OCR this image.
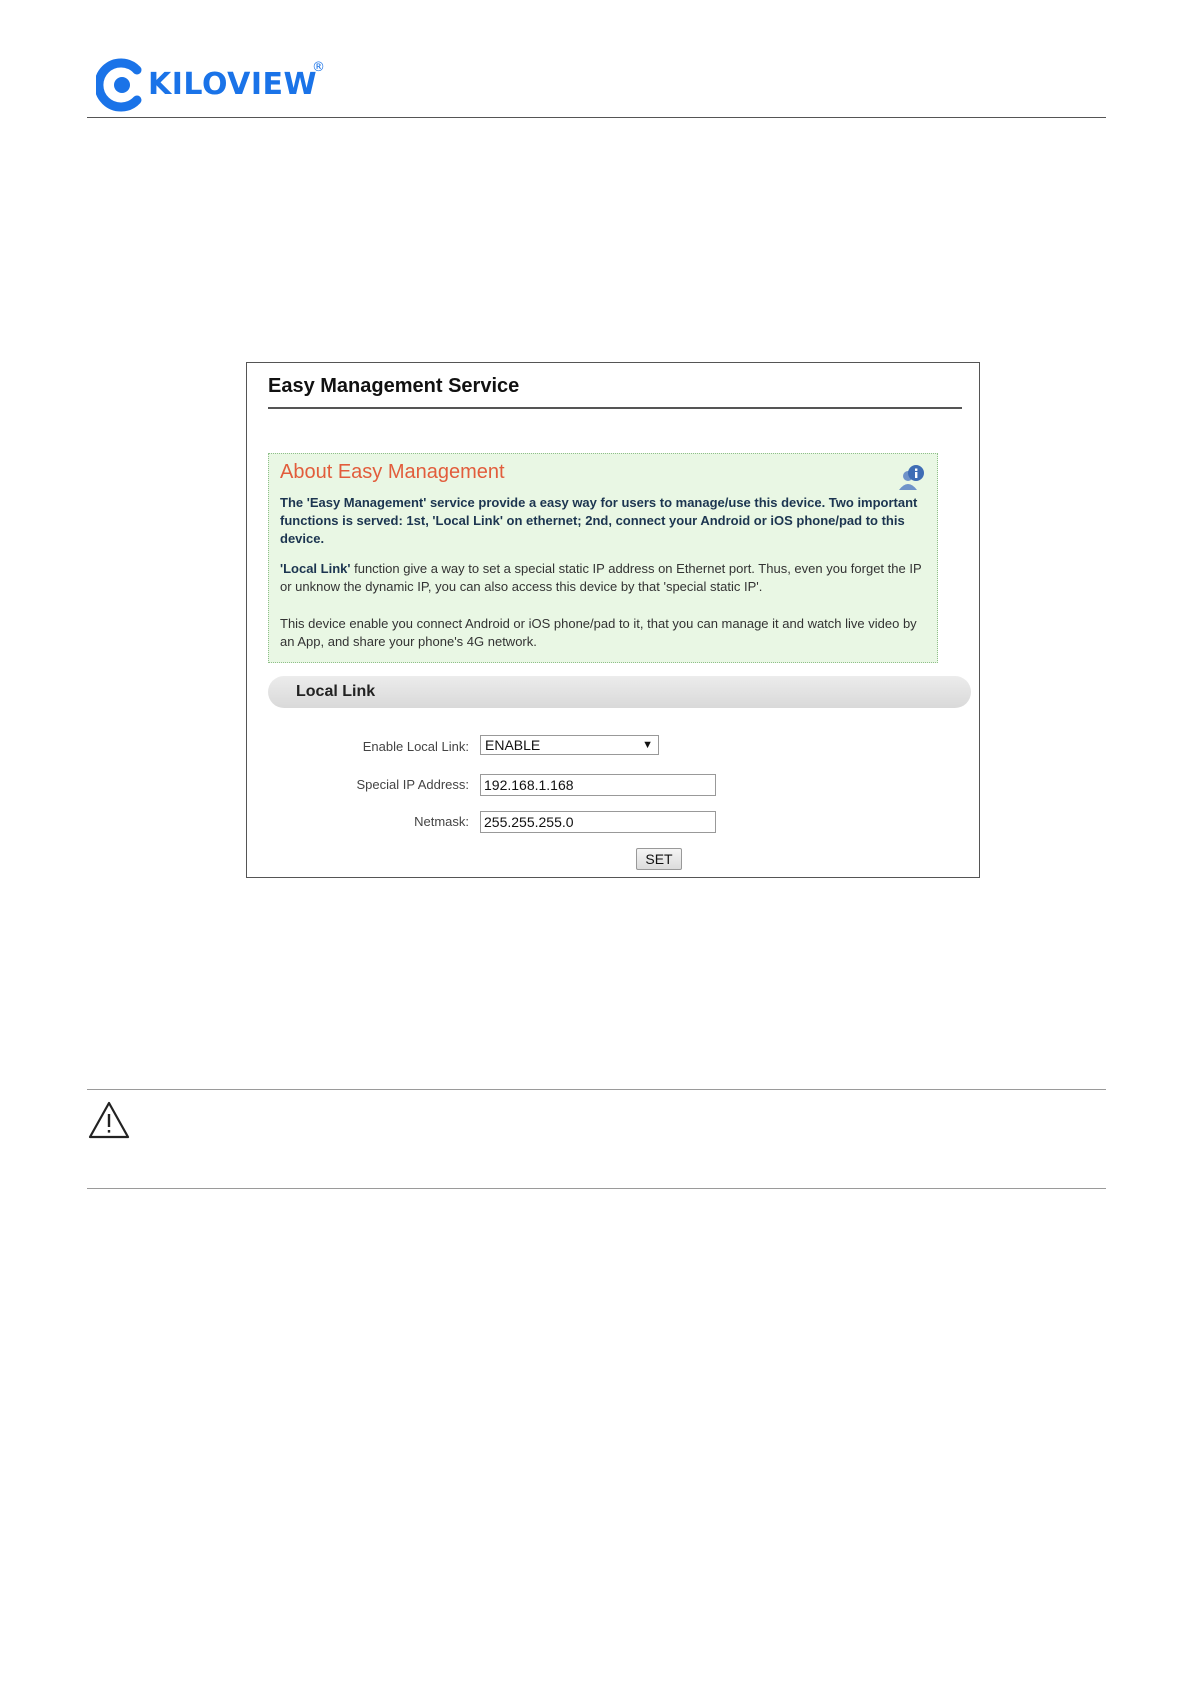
KILOVIEW
®
Easy Management Service
About Easy Management
The 'Easy Management' service provide a easy way for users to manage/use this device. Two important functions is served: 1st, 'Local Link' on ethernet; 2nd, connect your Android or iOS phone/pad to this device.
'Local Link' function give a way to set a special static IP address on Ethernet port. Thus, even you forget the IP or unknow the dynamic IP, you can also access this device by that 'special static IP'.
This device enable you connect Android or iOS phone/pad to it, that you can manage it and watch live video by an App, and share your phone's 4G network.
Local Link
Enable Local Link:	ENABLE	▼
Special IP Address:
192.168.1.168
Netmask:
255.255.255.0
SET
